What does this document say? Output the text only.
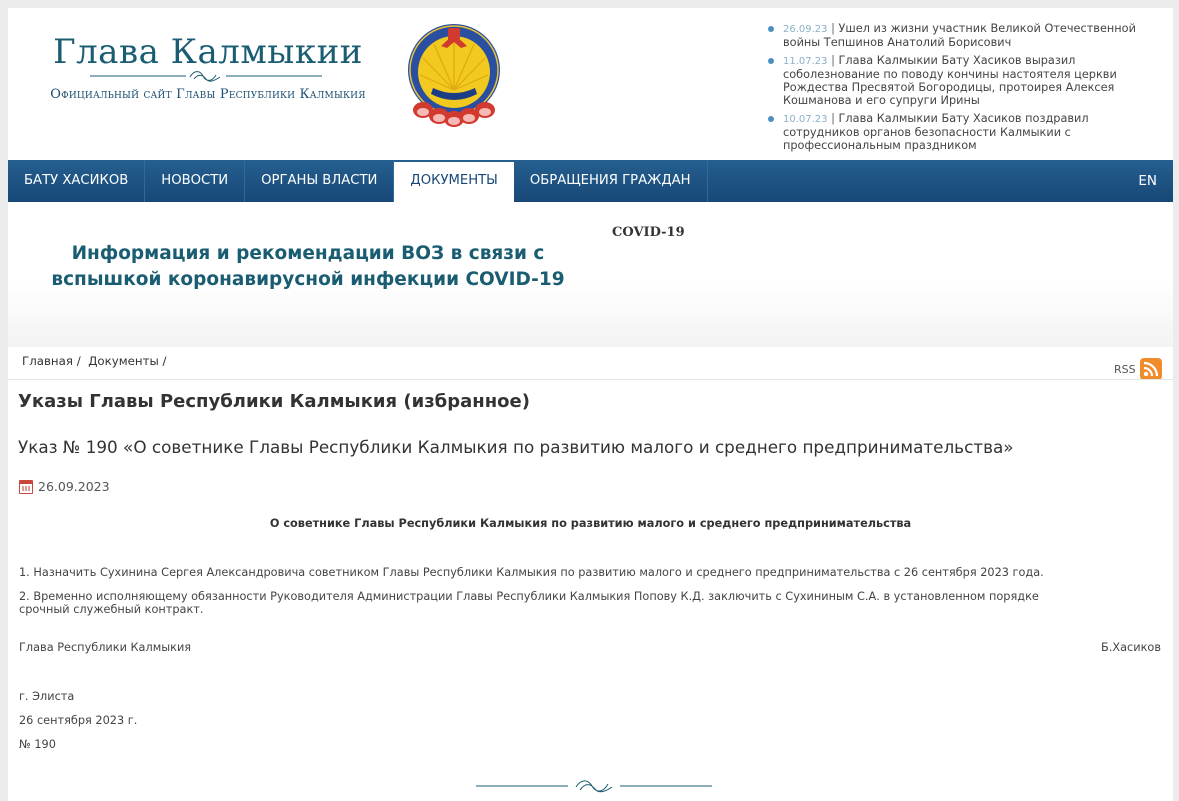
Глава Калмыкии
Официальный сайт Главы Республики Калмыкия
26.09.23 | Ушел из жизни участник Великой Отечественной войны Тепшинов Анатолий Борисович
11.07.23 | Глава Калмыкии Бату Хасиков выразил соболезнование по поводу кончины настоятеля церкви Рождества Пресвятой Богородицы, протоирея Алексея Кошманова и его супруги Ирины
10.07.23 | Глава Калмыкии Бату Хасиков поздравил сотрудников органов безопасности Калмыкии с профессиональным праздником
БАТУ ХАСИКОВ	НОВОСТИ	ОРГАНЫ ВЛАСТИ	ДОКУМЕНТЫ	ОБРАЩЕНИЯ ГРАЖДАН	EN
COVID-19
Информация и рекомендации ВОЗ в связи с вспышкой коронавирусной инфекции COVID-19
Главная /  Документы /
RSS
Указы Главы Республики Калмыкия (избранное)
Указ № 190 «О советнике Главы Республики Калмыкия по развитию малого и среднего предпринимательства»
26.09.2023
О советнике Главы Республики Калмыкия по развитию малого и среднего предпринимательства
1. Назначить Сухинина Сергея Александровича советником Главы Республики Калмыкия по развитию малого и среднего предпринимательства с 26 сентября 2023 года.
2. Временно исполняющему обязанности Руководителя Администрации Главы Республики Калмыкия Попову К.Д. заключить с Сухининым С.А. в установленном порядке срочный служебный контракт.
Глава Республики Калмыкия	Б.Хасиков
г. Элиста
26 сентября 2023 г.
№ 190
